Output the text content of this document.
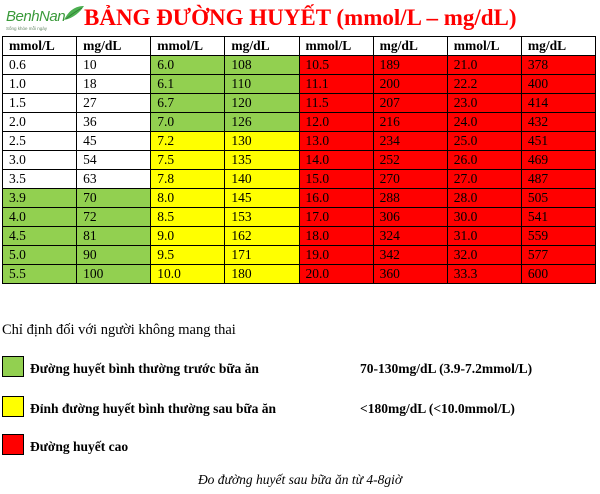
BenhNan
Sống khỏe mỗi ngày BẢNG ĐƯỜNG HUYẾT (mmol/L – mg/dL)
mmol/L	mg/dL	mmol/L	mg/dL	mmol/L	mg/dL	mmol/L	mg/dL
0.6	10	6.0	108	10.5	189	21.0	378
1.0	18	6.1	110	11.1	200	22.2	400
1.5	27	6.7	120	11.5	207	23.0	414
2.0	36	7.0	126	12.0	216	24.0	432
2.5	45	7.2	130	13.0	234	25.0	451
3.0	54	7.5	135	14.0	252	26.0	469
3.5	63	7.8	140	15.0	270	27.0	487
3.9	70	8.0	145	16.0	288	28.0	505
4.0	72	8.5	153	17.0	306	30.0	541
4.5	81	9.0	162	18.0	324	31.0	559
5.0	90	9.5	171	19.0	342	32.0	577
5.5	100	10.0	180	20.0	360	33.3	600
Chỉ định đối với người không mang thai
Đường huyết bình thường trước bữa ăn	70-130mg/dL (3.9-7.2mmol/L)
Đỉnh đường huyết bình thường sau bữa ăn	<180mg/dL (<10.0mmol/L)
Đường huyết cao
Đo đường huyết sau bữa ăn từ 4-8giờ
